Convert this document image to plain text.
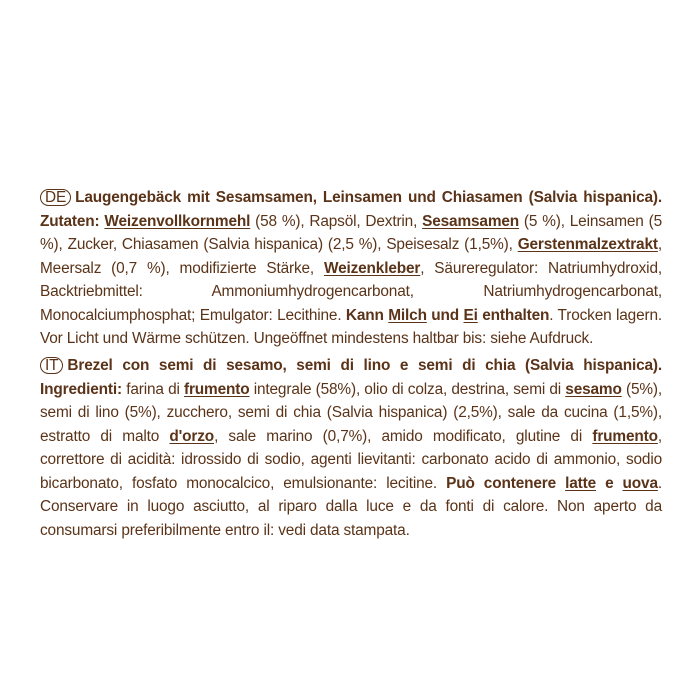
DE Laugengebäck mit Sesamsamen, Leinsamen und Chiasamen (Salvia hispanica). Zutaten: Weizenvollkornmehl (58 %), Rapsöl, Dextrin, Sesamsamen (5 %), Leinsamen (5 %), Zucker, Chiasamen (Salvia hispanica) (2,5 %), Speisesalz (1,5%), Gerstenmalzextrakt, Meersalz (0,7 %), modifizierte Stärke, Weizenkleber, Säureregulator: Natriumhydroxid, Backtriebmittel: Ammoniumhydrogencarbonat, Natriumhydrogencarbonat, Monocalciumphosphat; Emulgator: Lecithine. Kann Milch und Ei enthalten. Trocken lagern. Vor Licht und Wärme schützen. Ungeöffnet mindestens haltbar bis: siehe Aufdruck.
IT Brezel con semi di sesamo, semi di lino e semi di chia (Salvia hispanica). Ingredienti: farina di frumento integrale (58%), olio di colza, destrina, semi di sesamo (5%), semi di lino (5%), zucchero, semi di chia (Salvia hispanica) (2,5%), sale da cucina (1,5%), estratto di malto d'orzo, sale marino (0,7%), amido modificato, glutine di frumento, correttore di acidità: idrossido di sodio, agenti lievitanti: carbonato acido di ammonio, sodio bicarbonato, fosfato monocalcico, emulsionante: lecitine. Può contenere latte e uova. Conservare in luogo asciutto, al riparo dalla luce e da fonti di calore. Non aperto da consumarsi preferibilmente entro il: vedi data stampata.
